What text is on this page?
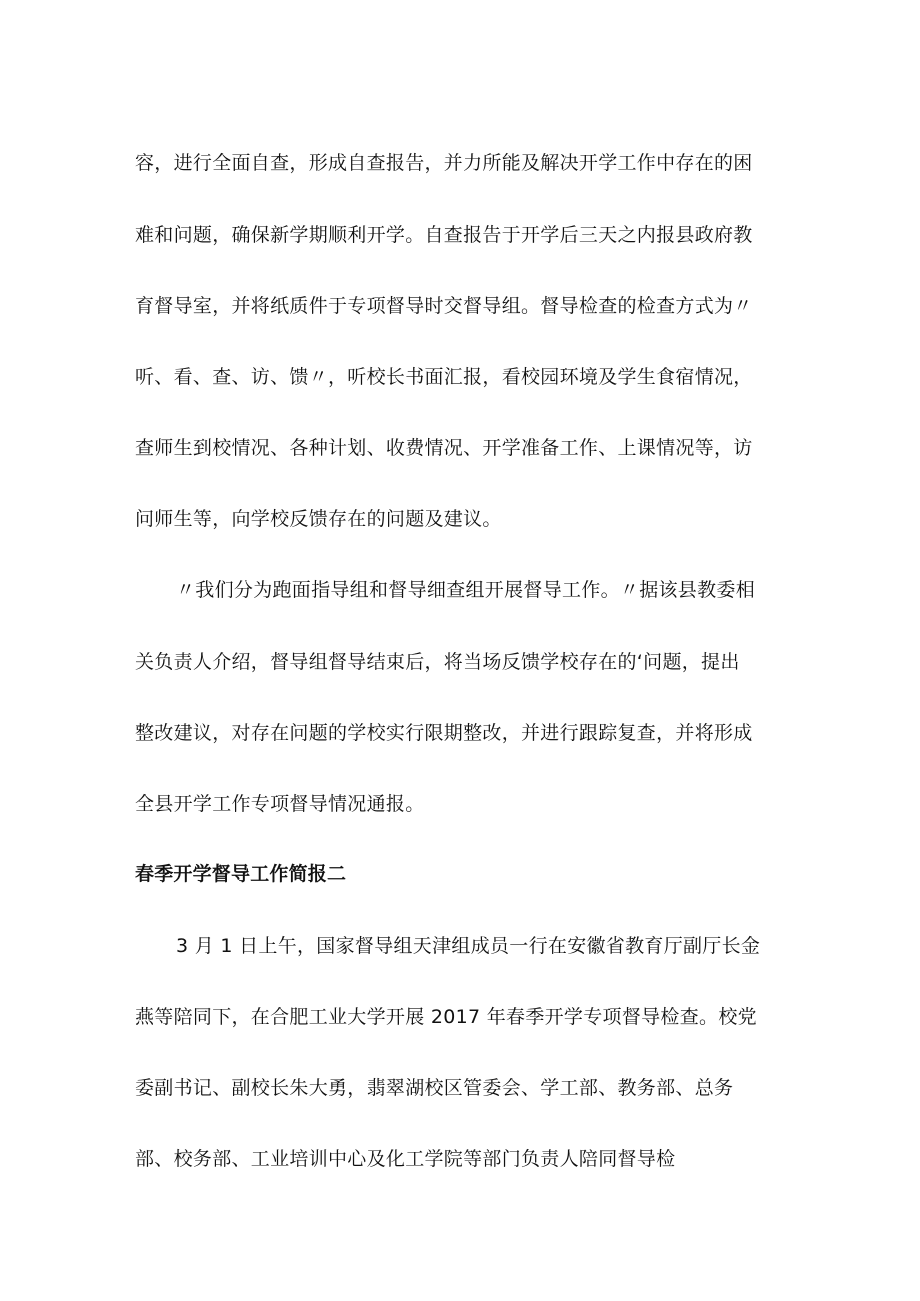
容，进行全面自查，形成自查报告，并力所能及解决开学工作中存在的困
难和问题，确保新学期顺利开学。自查报告于开学后三天之内报县政府教
育督导室，并将纸质件于专项督导时交督导组。督导检查的检查方式为〃
听、看、查、访、馈〃，听校长书面汇报，看校园环境及学生食宿情况，
查师生到校情况、各种计划、收费情况、开学准备工作、上课情况等，访
问师生等，向学校反馈存在的问题及建议。
〃我们分为跑面指导组和督导细查组开展督导工作。〃据该县教委相
关负责人介绍，督导组督导结束后，将当场反馈学校存在的‘问题，提出
整改建议，对存在问题的学校实行限期整改，并进行跟踪复查，并将形成
全县开学工作专项督导情况通报。
春季开学督导工作简报二
3 月 1 日上午，国家督导组天津组成员一行在安徽省教育厅副厅长金
燕等陪同下，在合肥工业大学开展 2017 年春季开学专项督导检查。校党
委副书记、副校长朱大勇，翡翠湖校区管委会、学工部、教务部、总务
部、校务部、工业培训中心及化工学院等部门负责人陪同督导检
